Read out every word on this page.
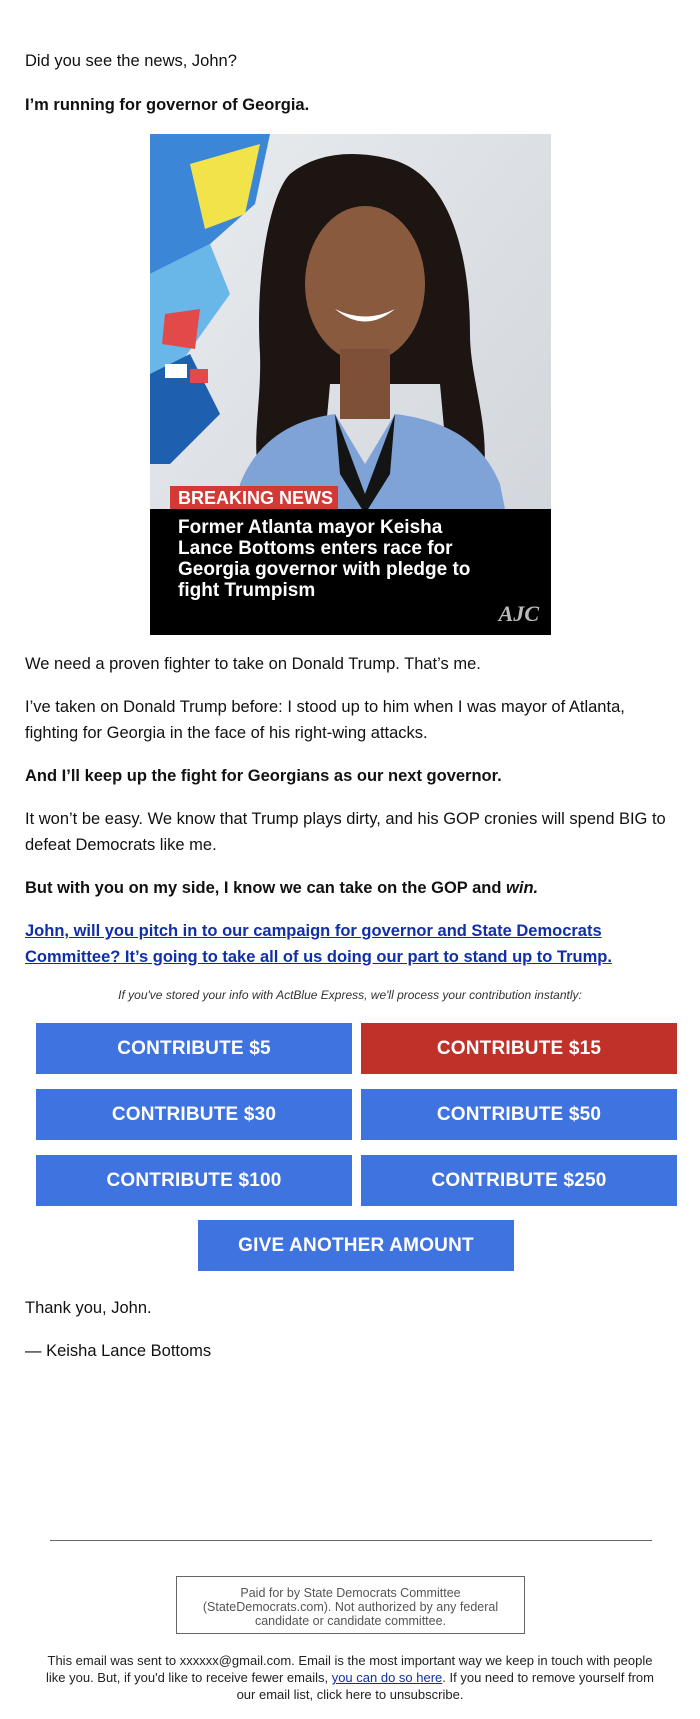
Did you see the news, John?

I’m running for governor of Georgia.

BREAKING NEWS
Former Atlanta mayor Keisha Lance Bottoms enters race for Georgia governor with pledge to fight Trumpism
AJC

We need a proven fighter to take on Donald Trump. That’s me.

I’ve taken on Donald Trump before: I stood up to him when I was mayor of Atlanta, fighting for Georgia in the face of his right-wing attacks.

And I’ll keep up the fight for Georgians as our next governor.

It won’t be easy. We know that Trump plays dirty, and his GOP cronies will spend BIG to defeat Democrats like me.

But with you on my side, I know we can take on the GOP and win.

John, will you pitch in to our campaign for governor and State Democrats Committee? It’s going to take all of us doing our part to stand up to Trump.
If you've stored your info with ActBlue Express, we'll process your contribution instantly:
CONTRIBUTE $5	CONTRIBUTE $15
CONTRIBUTE $30	CONTRIBUTE $50
CONTRIBUTE $100	CONTRIBUTE $250
GIVE ANOTHER AMOUNT

Thank you, John.

— Keisha Lance Bottoms

Paid for by State Democrats Committee (StateDemocrats.com). Not authorized by any federal candidate or candidate committee.
This email was sent to xxxxxx@gmail.com. Email is the most important way we keep in touch with people like you. But, if you'd like to receive fewer emails, you can do so here. If you need to remove yourself from our email list, click here to unsubscribe.
